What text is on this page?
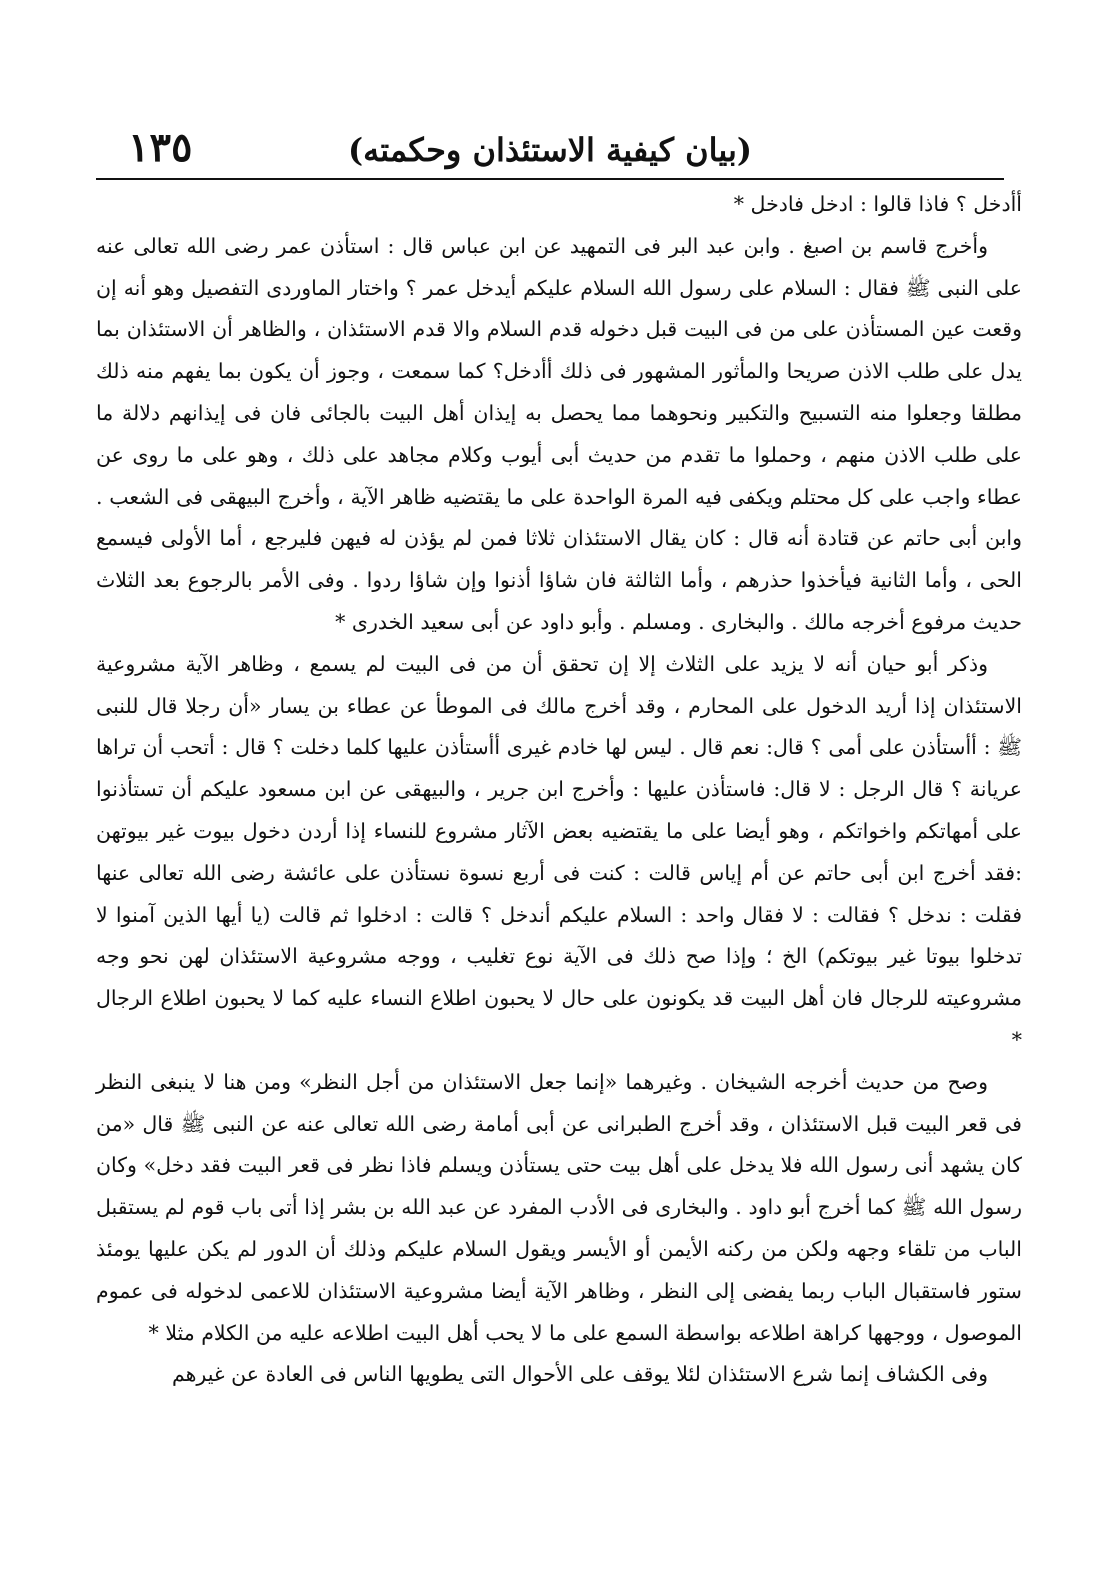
١٣٥	(بيان كيفية الاستئذان وحكمته)

أأدخل ؟ فاذا قالوا : ادخل فادخل *

وأخرج قاسم بن اصبغ . وابن عبد البر فى التمهيد عن ابن عباس قال : استأذن عمر رضى الله تعالى عنه على النبى ﷺ فقال : السلام على رسول الله السلام عليكم أيدخل عمر ؟ واختار الماوردى التفصيل وهو أنه إن وقعت عين المستأذن على من فى البيت قبل دخوله قدم السلام والا قدم الاستئذان ، والظاهر أن الاستئذان بما يدل على طلب الاذن صريحا والمأثور المشهور فى ذلك أأدخل؟ كما سمعت ، وجوز أن يكون بما يفهم منه ذلك مطلقا وجعلوا منه التسبيح والتكبير ونحوهما مما يحصل به إيذان أهل البيت بالجائى فان فى إيذانهم دلالة ما على طلب الاذن منهم ، وحملوا ما تقدم من حديث أبى أيوب وكلام مجاهد على ذلك ، وهو على ما روى عن عطاء واجب على كل محتلم ويكفى فيه المرة الواحدة على ما يقتضيه ظاهر الآية ، وأخرج البيهقى فى الشعب . وابن أبى حاتم عن قتادة أنه قال : كان يقال الاستئذان ثلاثا فمن لم يؤذن له فيهن فليرجع ، أما الأولى فيسمع الحى ، وأما الثانية فيأخذوا حذرهم ، وأما الثالثة فان شاؤا أذنوا وإن شاؤا ردوا . وفى الأمر بالرجوع بعد الثلاث حديث مرفوع أخرجه مالك . والبخارى . ومسلم . وأبو داود عن أبى سعيد الخدرى *

وذكر أبو حيان أنه لا يزيد على الثلاث إلا إن تحقق أن من فى البيت لم يسمع ، وظاهر الآية مشروعية الاستئذان إذا أريد الدخول على المحارم ، وقد أخرج مالك فى الموطأ عن عطاء بن يسار «أن رجلا قال للنبى ﷺ : أأستأذن على أمى ؟ قال: نعم قال . ليس لها خادم غيرى أأستأذن عليها كلما دخلت ؟ قال : أتحب أن تراها عريانة ؟ قال الرجل : لا قال: فاستأذن عليها : وأخرج ابن جرير ، والبيهقى عن ابن مسعود عليكم أن تستأذنوا على أمهاتكم واخواتكم ، وهو أيضا على ما يقتضيه بعض الآثار مشروع للنساء إذا أردن دخول بيوت غير بيوتهن :فقد أخرج ابن أبى حاتم عن أم إياس قالت : كنت فى أربع نسوة نستأذن على عائشة رضى الله تعالى عنها فقلت : ندخل ؟ فقالت : لا فقال واحد : السلام عليكم أندخل ؟ قالت : ادخلوا ثم قالت (يا أيها الذين آمنوا لا تدخلوا بيوتا غير بيوتكم) الخ ؛ وإذا صح ذلك فى الآية نوع تغليب ، ووجه مشروعية الاستئذان لهن نحو وجه مشروعيته للرجال فان أهل البيت قد يكونون على حال لا يحبون اطلاع النساء عليه كما لا يحبون اطلاع الرجال *

وصح من حديث أخرجه الشيخان . وغيرهما «إنما جعل الاستئذان من أجل النظر» ومن هنا لا ينبغى النظر فى قعر البيت قبل الاستئذان ، وقد أخرج الطبرانى عن أبى أمامة رضى الله تعالى عنه عن النبى ﷺ قال «من كان يشهد أنى رسول الله فلا يدخل على أهل بيت حتى يستأذن ويسلم فاذا نظر فى قعر البيت فقد دخل» وكان رسول الله ﷺ كما أخرج أبو داود . والبخارى فى الأدب المفرد عن عبد الله بن بشر إذا أتى باب قوم لم يستقبل الباب من تلقاء وجهه ولكن من ركنه الأيمن أو الأيسر ويقول السلام عليكم وذلك أن الدور لم يكن عليها يومئذ ستور فاستقبال الباب ربما يفضى إلى النظر ، وظاهر الآية أيضا مشروعية الاستئذان للاعمى لدخوله فى عموم الموصول ، ووجهها كراهة اطلاعه بواسطة السمع على ما لا يحب أهل البيت اطلاعه عليه من الكلام مثلا *

وفى الكشاف إنما شرع الاستئذان لئلا يوقف على الأحوال التى يطويها الناس فى العادة عن غيرهم
